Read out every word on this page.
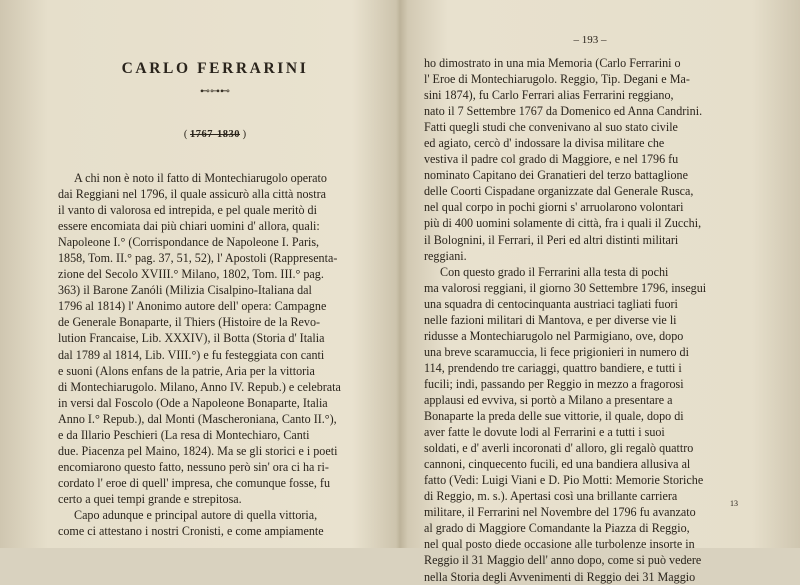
CARLO FERRARINI
⊷⊶⊷
( 1767-1830 )
A chi non è noto il fatto di Montechiarugolo operato
dai Reggiani nel 1796, il quale assicurò alla città nostra
il vanto di valorosa ed intrepida, e pel quale meritò di
essere encomiata dai più chiari uomini d' allora, quali:
Napoleone I.° (Corrispondance de Napoleone I. Paris,
1858, Tom. II.° pag. 37, 51, 52), l' Apostoli (Rappresenta-
zione del Secolo XVIII.° Milano, 1802, Tom. III.° pag.
363) il Barone Zanóli (Milizia Cisalpino-Italiana dal
1796 al 1814) l' Anonimo autore dell' opera: Campagne
de Generale Bonaparte, il Thiers (Histoire de la Revo-
lution Francaise, Lib. XXXIV), il Botta (Storia d' Italia
dal 1789 al 1814, Lib. VIII.°) e fu festeggiata con canti
e suoni (Alons enfans de la patrie, Aria per la vittoria
di Montechiarugolo. Milano, Anno IV. Repub.) e celebrata
in versi dal Foscolo (Ode a Napoleone Bonaparte, Italia
Anno I.° Repub.), dal Monti (Mascheroniana, Canto II.°),
e da Illario Peschieri (La resa di Montechiaro, Canti
due. Piacenza pel Maino, 1824). Ma se gli storici e i poeti
encomiarono questo fatto, nessuno però sin' ora ci ha ri-
cordato l' eroe di quell' impresa, che comunque fosse, fu
certo a quei tempi grande e strepitosa.
Capo adunque e principal autore di quella vittoria,
come ci attestano i nostri Cronisti, e come ampiamente
– 193 –
ho dimostrato in una mia Memoria (Carlo Ferrarini o
l' Eroe di Montechiarugolo. Reggio, Tip. Degani e Ma-
sini 1874), fu Carlo Ferrari alias Ferrarini reggiano,
nato il 7 Settembre 1767 da Domenico ed Anna Candrini.
Fatti quegli studi che convenivano al suo stato civile
ed agiato, cercò d' indossare la divisa militare che
vestiva il padre col grado di Maggiore, e nel 1796 fu
nominato Capitano dei Granatieri del terzo battaglione
delle Coorti Cispadane organizzate dal Generale Rusca,
nel qual corpo in pochi giorni s' arruolarono volontari
più di 400 uomini solamente di città, fra i quali il Zucchi,
il Bolognini, il Ferrari, il Peri ed altri distinti militari
reggiani.
Con questo grado il Ferrarini alla testa di pochi
ma valorosi reggiani, il giorno 30 Settembre 1796, insegui
una squadra di centocinquanta austriaci tagliati fuori
nelle fazioni militari di Mantova, e per diverse vie li
ridusse a Montechiarugolo nel Parmigiano, ove, dopo
una breve scaramuccia, li fece prigionieri in numero di
114, prendendo tre cariaggi, quattro bandiere, e tutti i
fucili; indi, passando per Reggio in mezzo a fragorosi
applausi ed evviva, si portò a Milano a presentare a
Bonaparte la preda delle sue vittorie, il quale, dopo di
aver fatte le dovute lodi al Ferrarini e a tutti i suoi
soldati, e d' averli incoronati d' alloro, gli regalò quattro
cannoni, cinquecento fucili, ed una bandiera allusiva al
fatto (Vedi: Luigi Viani e D. Pio Motti: Memorie Storiche
di Reggio, m. s.). Apertasi così una brillante carriera
militare, il Ferrarini nel Novembre del 1796 fu avanzato
al grado di Maggiore Comandante la Piazza di Reggio,
nel qual posto diede occasione alle turbolenze insorte in
Reggio il 31 Maggio dell' anno dopo, come si può vedere
nella Storia degli Avvenimenti di Reggio dei 31 Maggio
13
